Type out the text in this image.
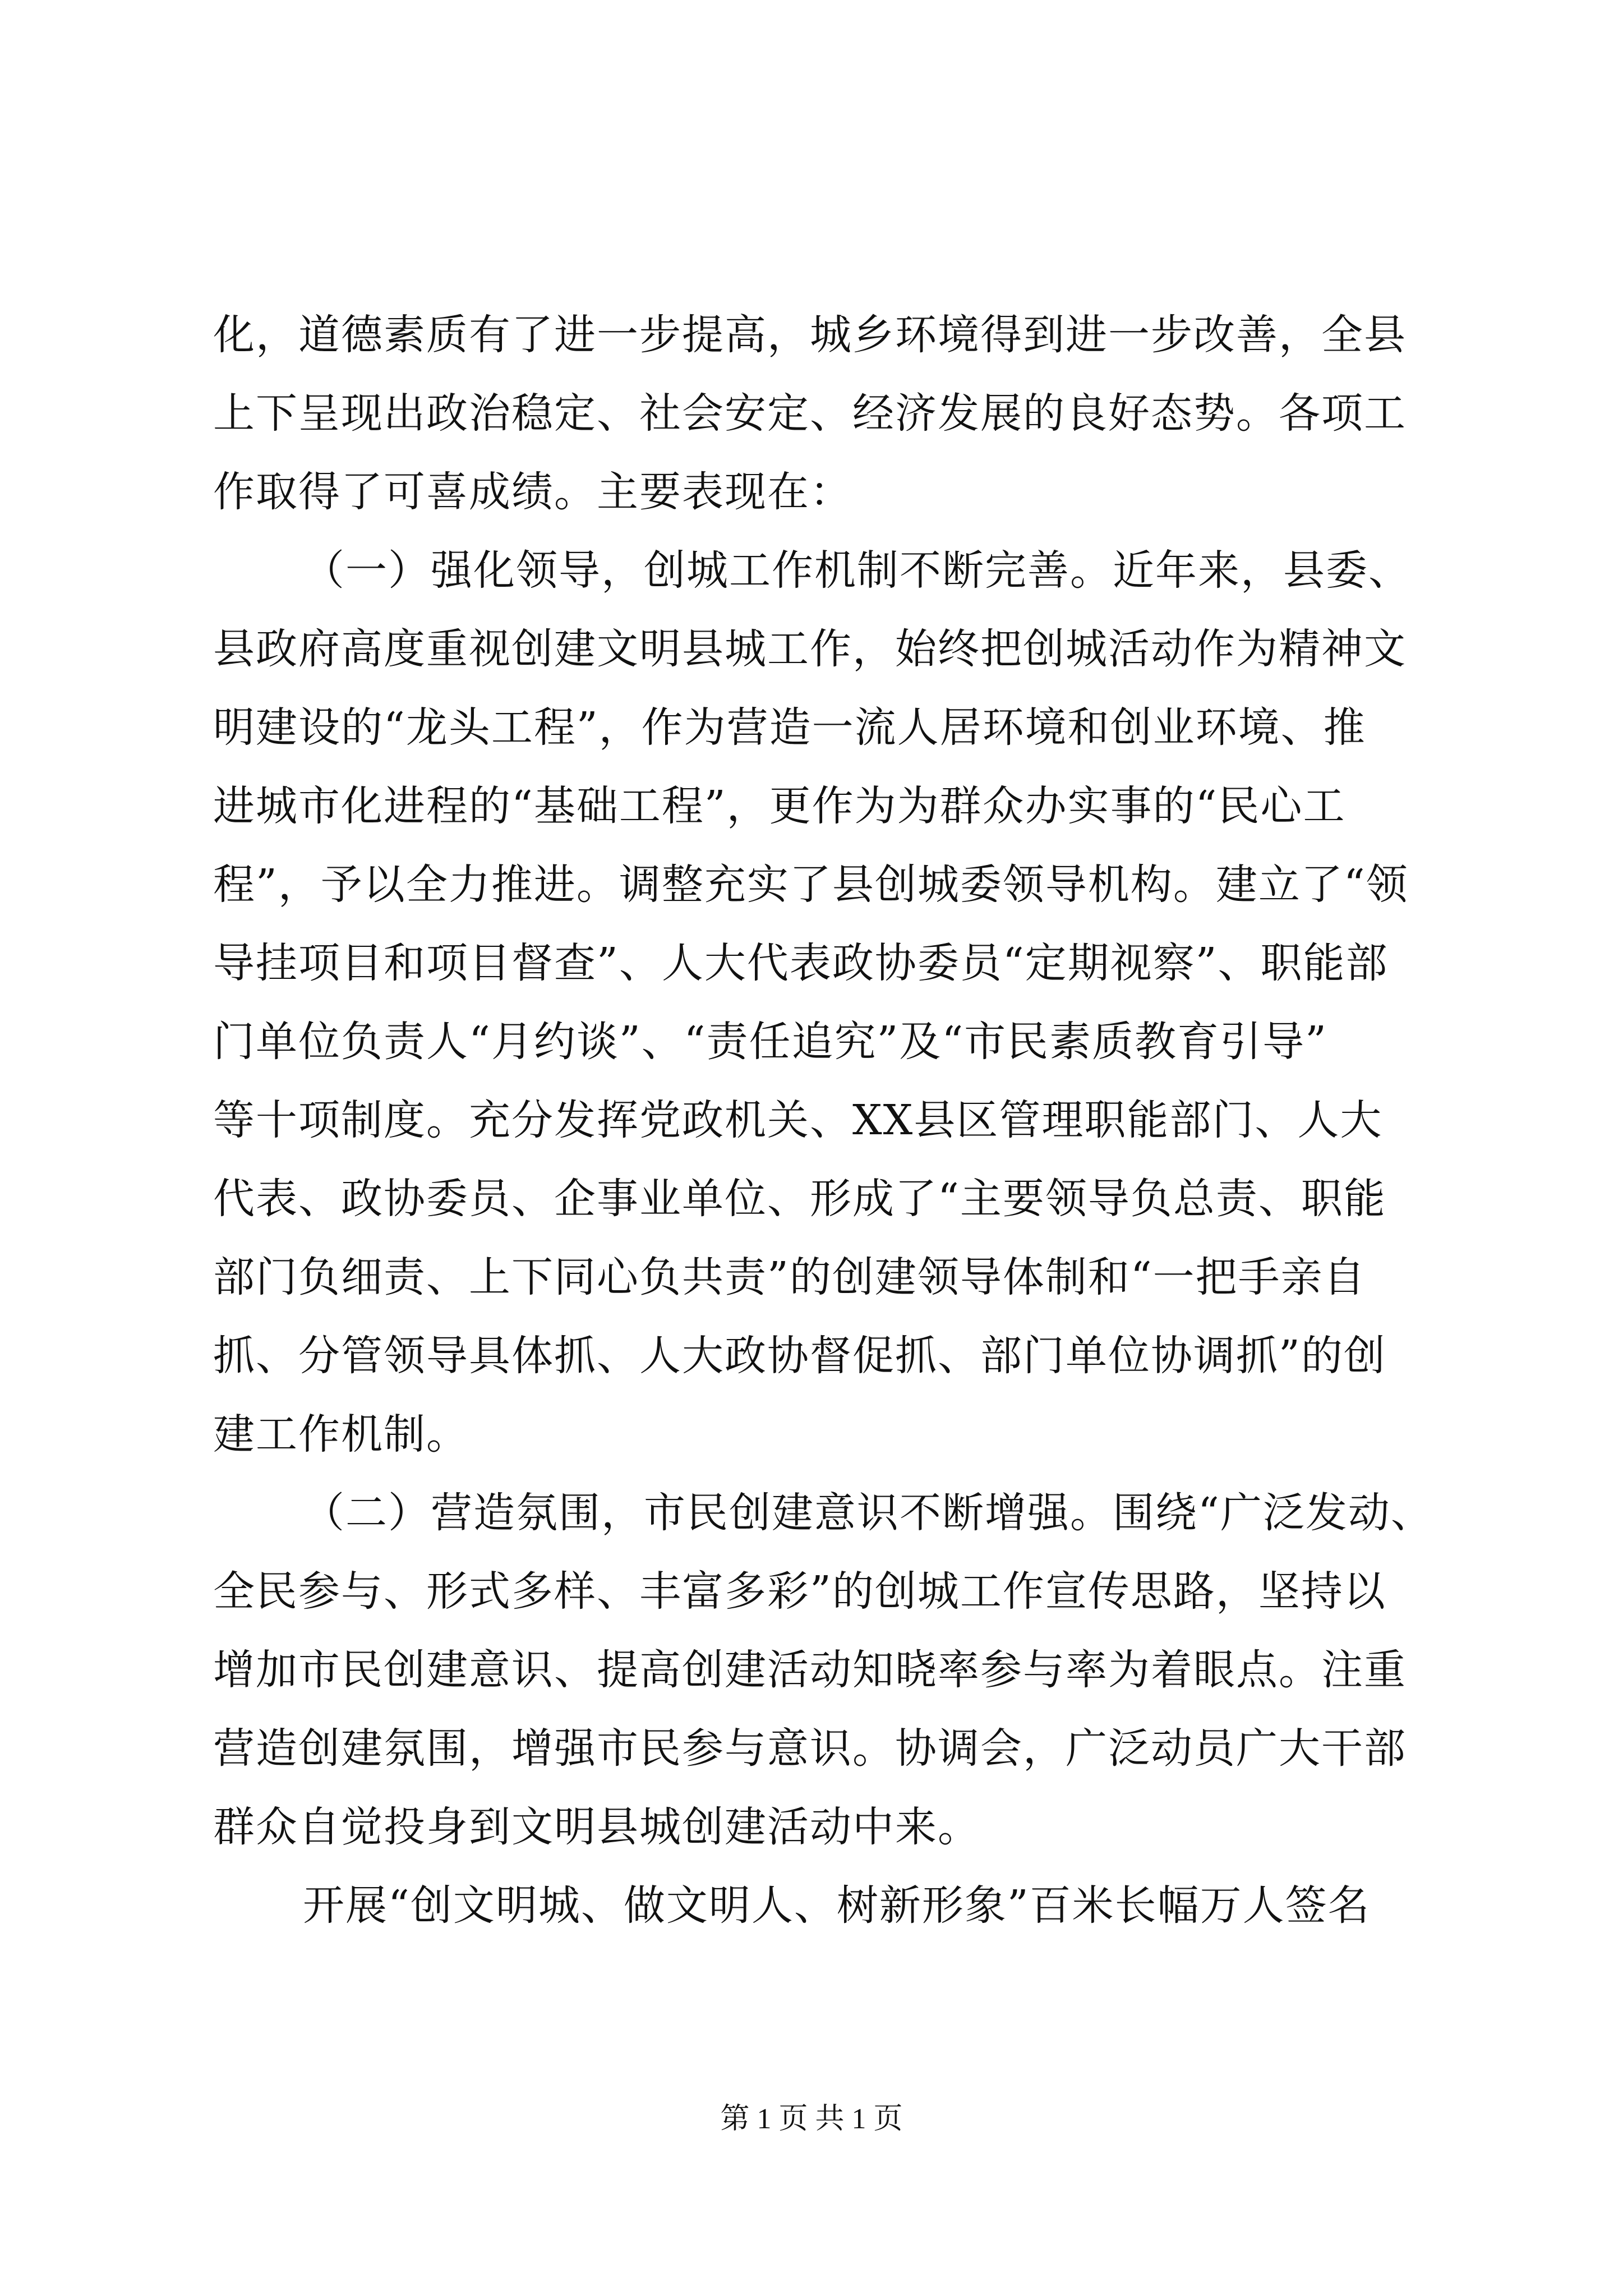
化，道德素质有了进一步提高，城乡环境得到进一步改善，全县
上下呈现出政治稳定、社会安定、经济发展的良好态势。各项工
作取得了可喜成绩。主要表现在：
（一）强化领导，创城工作机制不断完善。近年来，县委、
县政府高度重视创建文明县城工作，始终把创城活动作为精神文
明建设的“龙头工程”，作为营造一流人居环境和创业环境、推
进城市化进程的“基础工程”，更作为为群众办实事的“民心工
程”，予以全力推进。调整充实了县创城委领导机构。建立了“领
导挂项目和项目督查”、人大代表政协委员“定期视察”、职能部
门单位负责人“月约谈”、“责任追究”及“市民素质教育引导”
等十项制度。充分发挥党政机关、XX县区管理职能部门、人大
代表、政协委员、企事业单位、形成了“主要领导负总责、职能
部门负细责、上下同心负共责”的创建领导体制和“一把手亲自
抓、分管领导具体抓、人大政协督促抓、部门单位协调抓”的创
建工作机制。
（二）营造氛围，市民创建意识不断增强。围绕“广泛发动、
全民参与、形式多样、丰富多彩”的创城工作宣传思路，坚持以
增加市民创建意识、提高创建活动知晓率参与率为着眼点。注重
营造创建氛围，增强市民参与意识。协调会，广泛动员广大干部
群众自觉投身到文明县城创建活动中来。
开展“创文明城、做文明人、树新形象”百米长幅万人签名
第 1 页 共 1 页
